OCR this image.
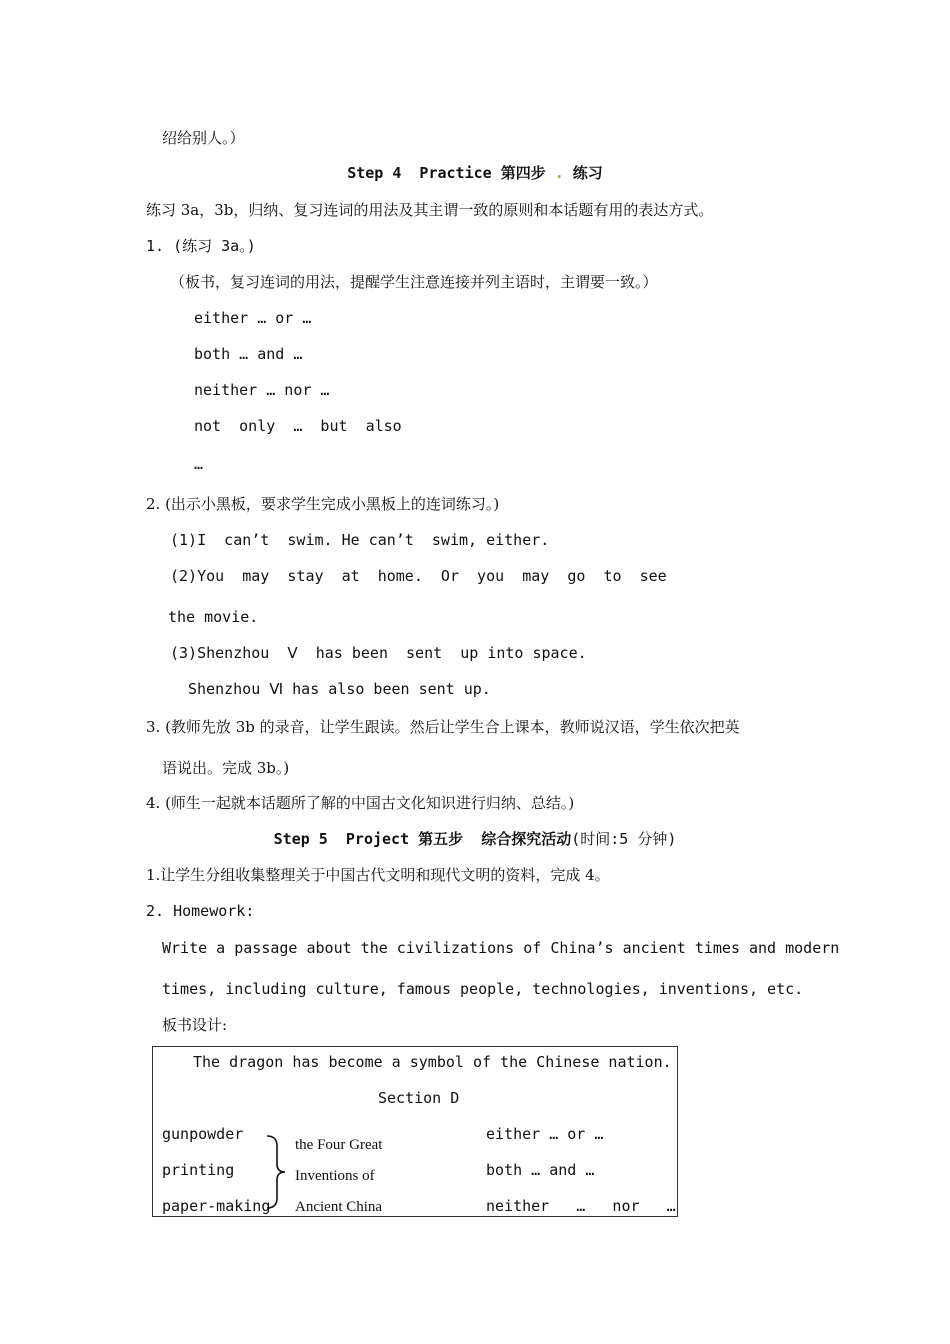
绍给别人。）
Step 4  Practice 第四步 . 练习
练习 3a，3b，归纳、复习连词的用法及其主谓一致的原则和本话题有用的表达方式。
1. (练习 3a。)
（板书，复习连词的用法，提醒学生注意连接并列主语时，主谓要一致。）
either … or …
both … and …
neither … nor …
not  only  …  but  also
…
2. (出示小黑板，要求学生完成小黑板上的连词练习。)
(1)I  can’t  swim. He can’t  swim, either.
(2)You  may  stay  at  home.  Or  you  may  go  to  see
the movie.
(3)Shenzhou  Ⅴ  has been  sent  up into space.
Shenzhou Ⅵ has also been sent up.
3. (教师先放 3b 的录音，让学生跟读。然后让学生合上课本，教师说汉语，学生依次把英
语说出。完成 3b。)
4. (师生一起就本话题所了解的中国古文化知识进行归纳、总结。)
Step 5  Project 第五步  综合探究活动(时间:5 分钟)
1.让学生分组收集整理关于中国古代文明和现代文明的资料，完成 4。
2. Homework:
Write a passage about the civilizations of China’s ancient times and modern
times, including culture, famous people, technologies, inventions, etc.
板书设计:
The dragon has become a symbol of the Chinese nation.
Section D
gunpowder
printing
paper-making
the Four Great
Inventions of
Ancient China
either … or …
both … and …
neither   …   nor   …
